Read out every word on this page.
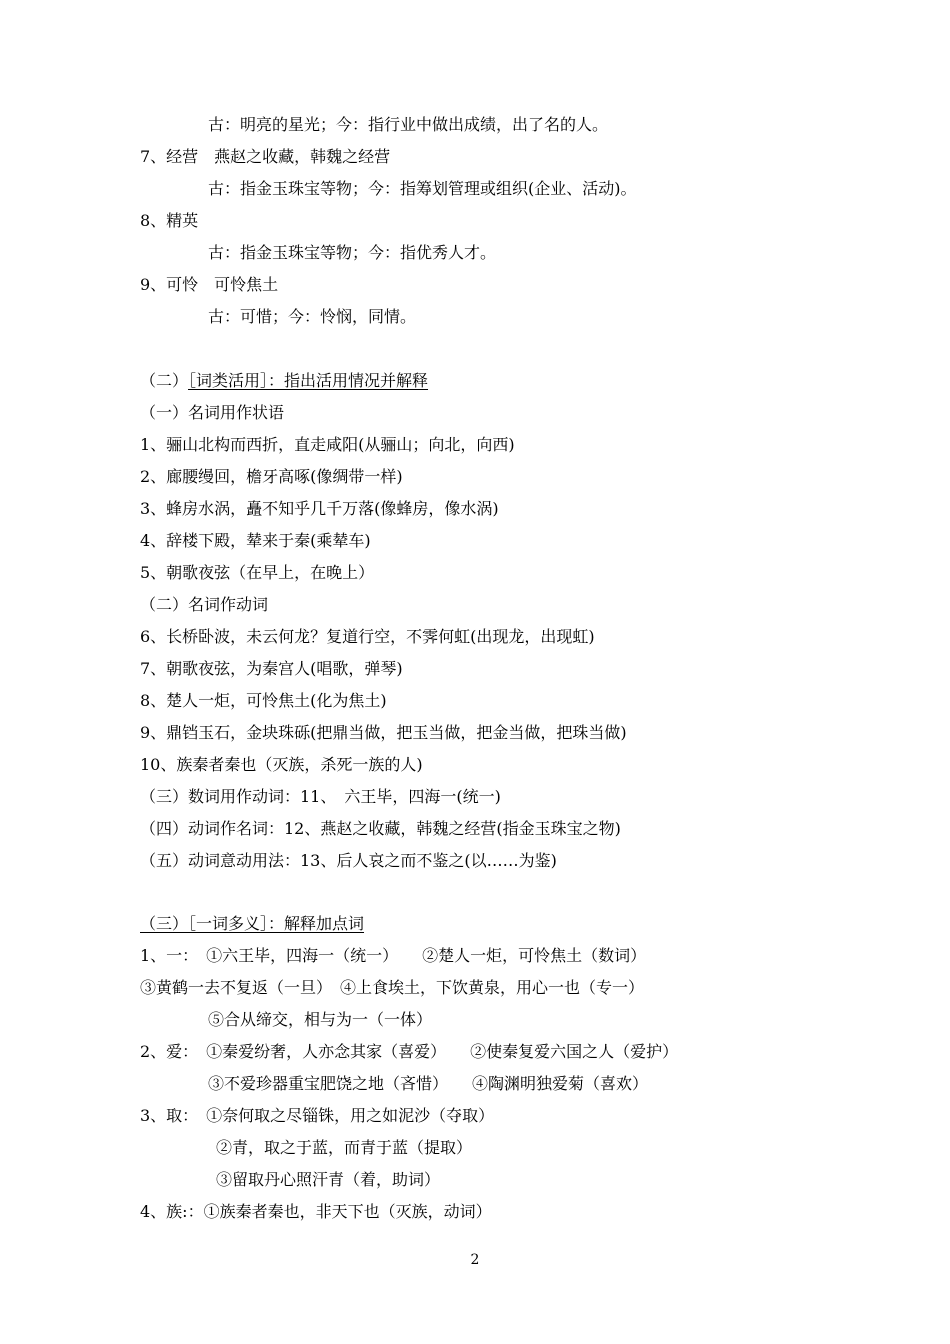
古：明亮的星光；今：指行业中做出成绩，出了名的人。
7、经营　燕赵之收藏，韩魏之经营
古：指金玉珠宝等物；今：指筹划管理或组织(企业、活动)。
8、精英
古：指金玉珠宝等物；今：指优秀人才。
9、可怜　可怜焦土
古：可惜；今：怜悯，同情。
（二）［词类活用］：指出活用情况并解释
（一）名词用作状语
1、骊山北构而西折，直走咸阳(从骊山；向北，向西)
2、廊腰缦回，檐牙高啄(像绸带一样)
3、蜂房水涡，矗不知乎几千万落(像蜂房，像水涡)
4、辞楼下殿，辇来于秦(乘辇车)
5、朝歌夜弦（在早上，在晚上）
（二）名词作动词
6、长桥卧波，未云何龙？复道行空，不霁何虹(出现龙，出现虹)
7、朝歌夜弦，为秦宫人(唱歌，弹琴)
8、楚人一炬，可怜焦土(化为焦土)
9、鼎铛玉石，金块珠砾(把鼎当做，把玉当做，把金当做，把珠当做)
10、族秦者秦也（灭族，杀死一族的人)
（三）数词用作动词：11、　六王毕，四海一(统一)
（四）动词作名词：12、燕赵之收藏，韩魏之经营(指金玉珠宝之物)
（五）动词意动用法：13、后人哀之而不鉴之(以……为鉴)
（三）［一词多义］：解释加点词
1、一：　①六王毕，四海一（统一）　　②楚人一炬，可怜焦土（数词）
③黄鹤一去不复返（一旦）　④上食埃土，下饮黄泉，用心一也（专一）
⑤合从缔交，相与为一（一体）
2、爱：　①秦爱纷奢，人亦念其家（喜爱）　　②使秦复爱六国之人（爱护）
③不爱珍器重宝肥饶之地（吝惜）　　④陶渊明独爱菊（喜欢）
3、取：　①奈何取之尽锱铢，用之如泥沙（夺取）
②青，取之于蓝，而青于蓝（提取）
③留取丹心照汗青（着，助词）
4、族:：①族秦者秦也，非天下也（灭族，动词）
2
